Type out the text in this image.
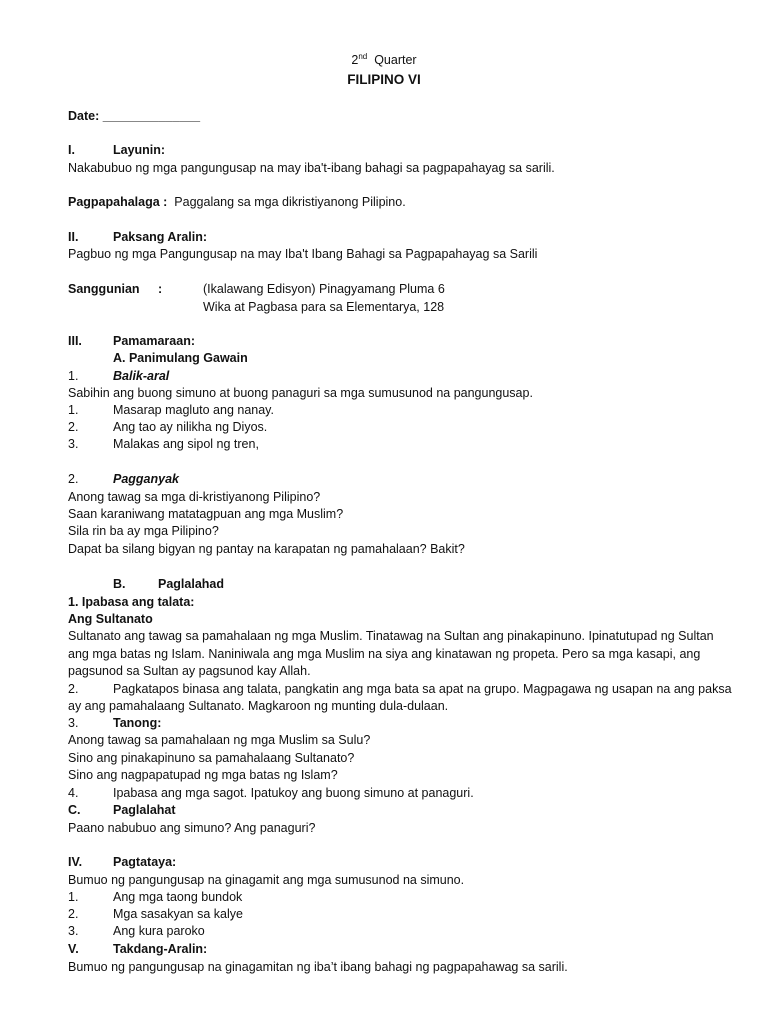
2nd Quarter
FILIPINO VI
Date: ______________
I.	Layunin:
Nakabubuo ng mga pangungusap na may iba't-ibang bahagi sa pagpapahayag sa sarili.
Pagpapahalaga : Paggalang sa mga dikristiyanong Pilipino.
II.	Paksang Aralin:
Pagbuo ng mga Pangungusap na may Iba't Ibang Bahagi sa Pagpapahayag sa Sarili
Sanggunian :	(Ikalawang Edisyon) Pinagyamang Pluma 6
Wika at Pagbasa para sa Elementarya, 128
III. Pamamaraan:
A. Panimulang Gawain
1.	Balik-aral
Sabihin ang buong simuno at buong panaguri sa mga sumusunod na pangungusap.
1.	Masarap magluto ang nanay.
2.	Ang tao ay nilikha ng Diyos.
3.	Malakas ang sipol ng tren,
2.	Pagganyak
Anong tawag sa mga di-kristiyanong Pilipino?
Saan karaniwang matatagpuan ang mga Muslim?
Sila rin ba ay mga Pilipino?
Dapat ba silang bigyan ng pantay na karapatan ng pamahalaan? Bakit?
B.	Paglalahad
1. Ipabasa ang talata:
Ang Sultanato
Sultanato ang tawag sa pamahalaan ng mga Muslim. Tinatawag na Sultan ang pinakapinuno. Ipinatutupad ng Sultan
ang mga batas ng Islam. Naniniwala ang mga Muslim na siya ang kinatawan ng propeta. Pero sa mga kasapi, ang
pagsunod sa Sultan ay pagsunod kay Allah.
2.	Pagkatapos binasa ang talata, pangkatin ang mga bata sa apat na grupo. Magpagawa ng usapan na ang paksa
ay ang pamahalaang Sultanato. Magkaroon ng munting dula-dulaan.
3.	Tanong:
Anong tawag sa pamahalaan ng mga Muslim sa Sulu?
Sino ang pinakapinuno sa pamahalaang Sultanato?
Sino ang nagpapatupad ng mga batas ng Islam?
4.	Ipabasa ang mga sagot. Ipatukoy ang buong simuno at panaguri.
C.	Paglalahat
Paano nabubuo ang simuno? Ang panaguri?
IV. Pagtataya:
Bumuo ng pangungusap na ginagamit ang mga sumusunod na simuno.
1.	Ang mga taong bundok
2.	Mga sasakyan sa kalye
3.	Ang kura paroko
V.	Takdang-Aralin:
Bumuo ng pangungusap na ginagamitan ng iba’t ibang bahagi ng pagpapahawag sa sarili.
